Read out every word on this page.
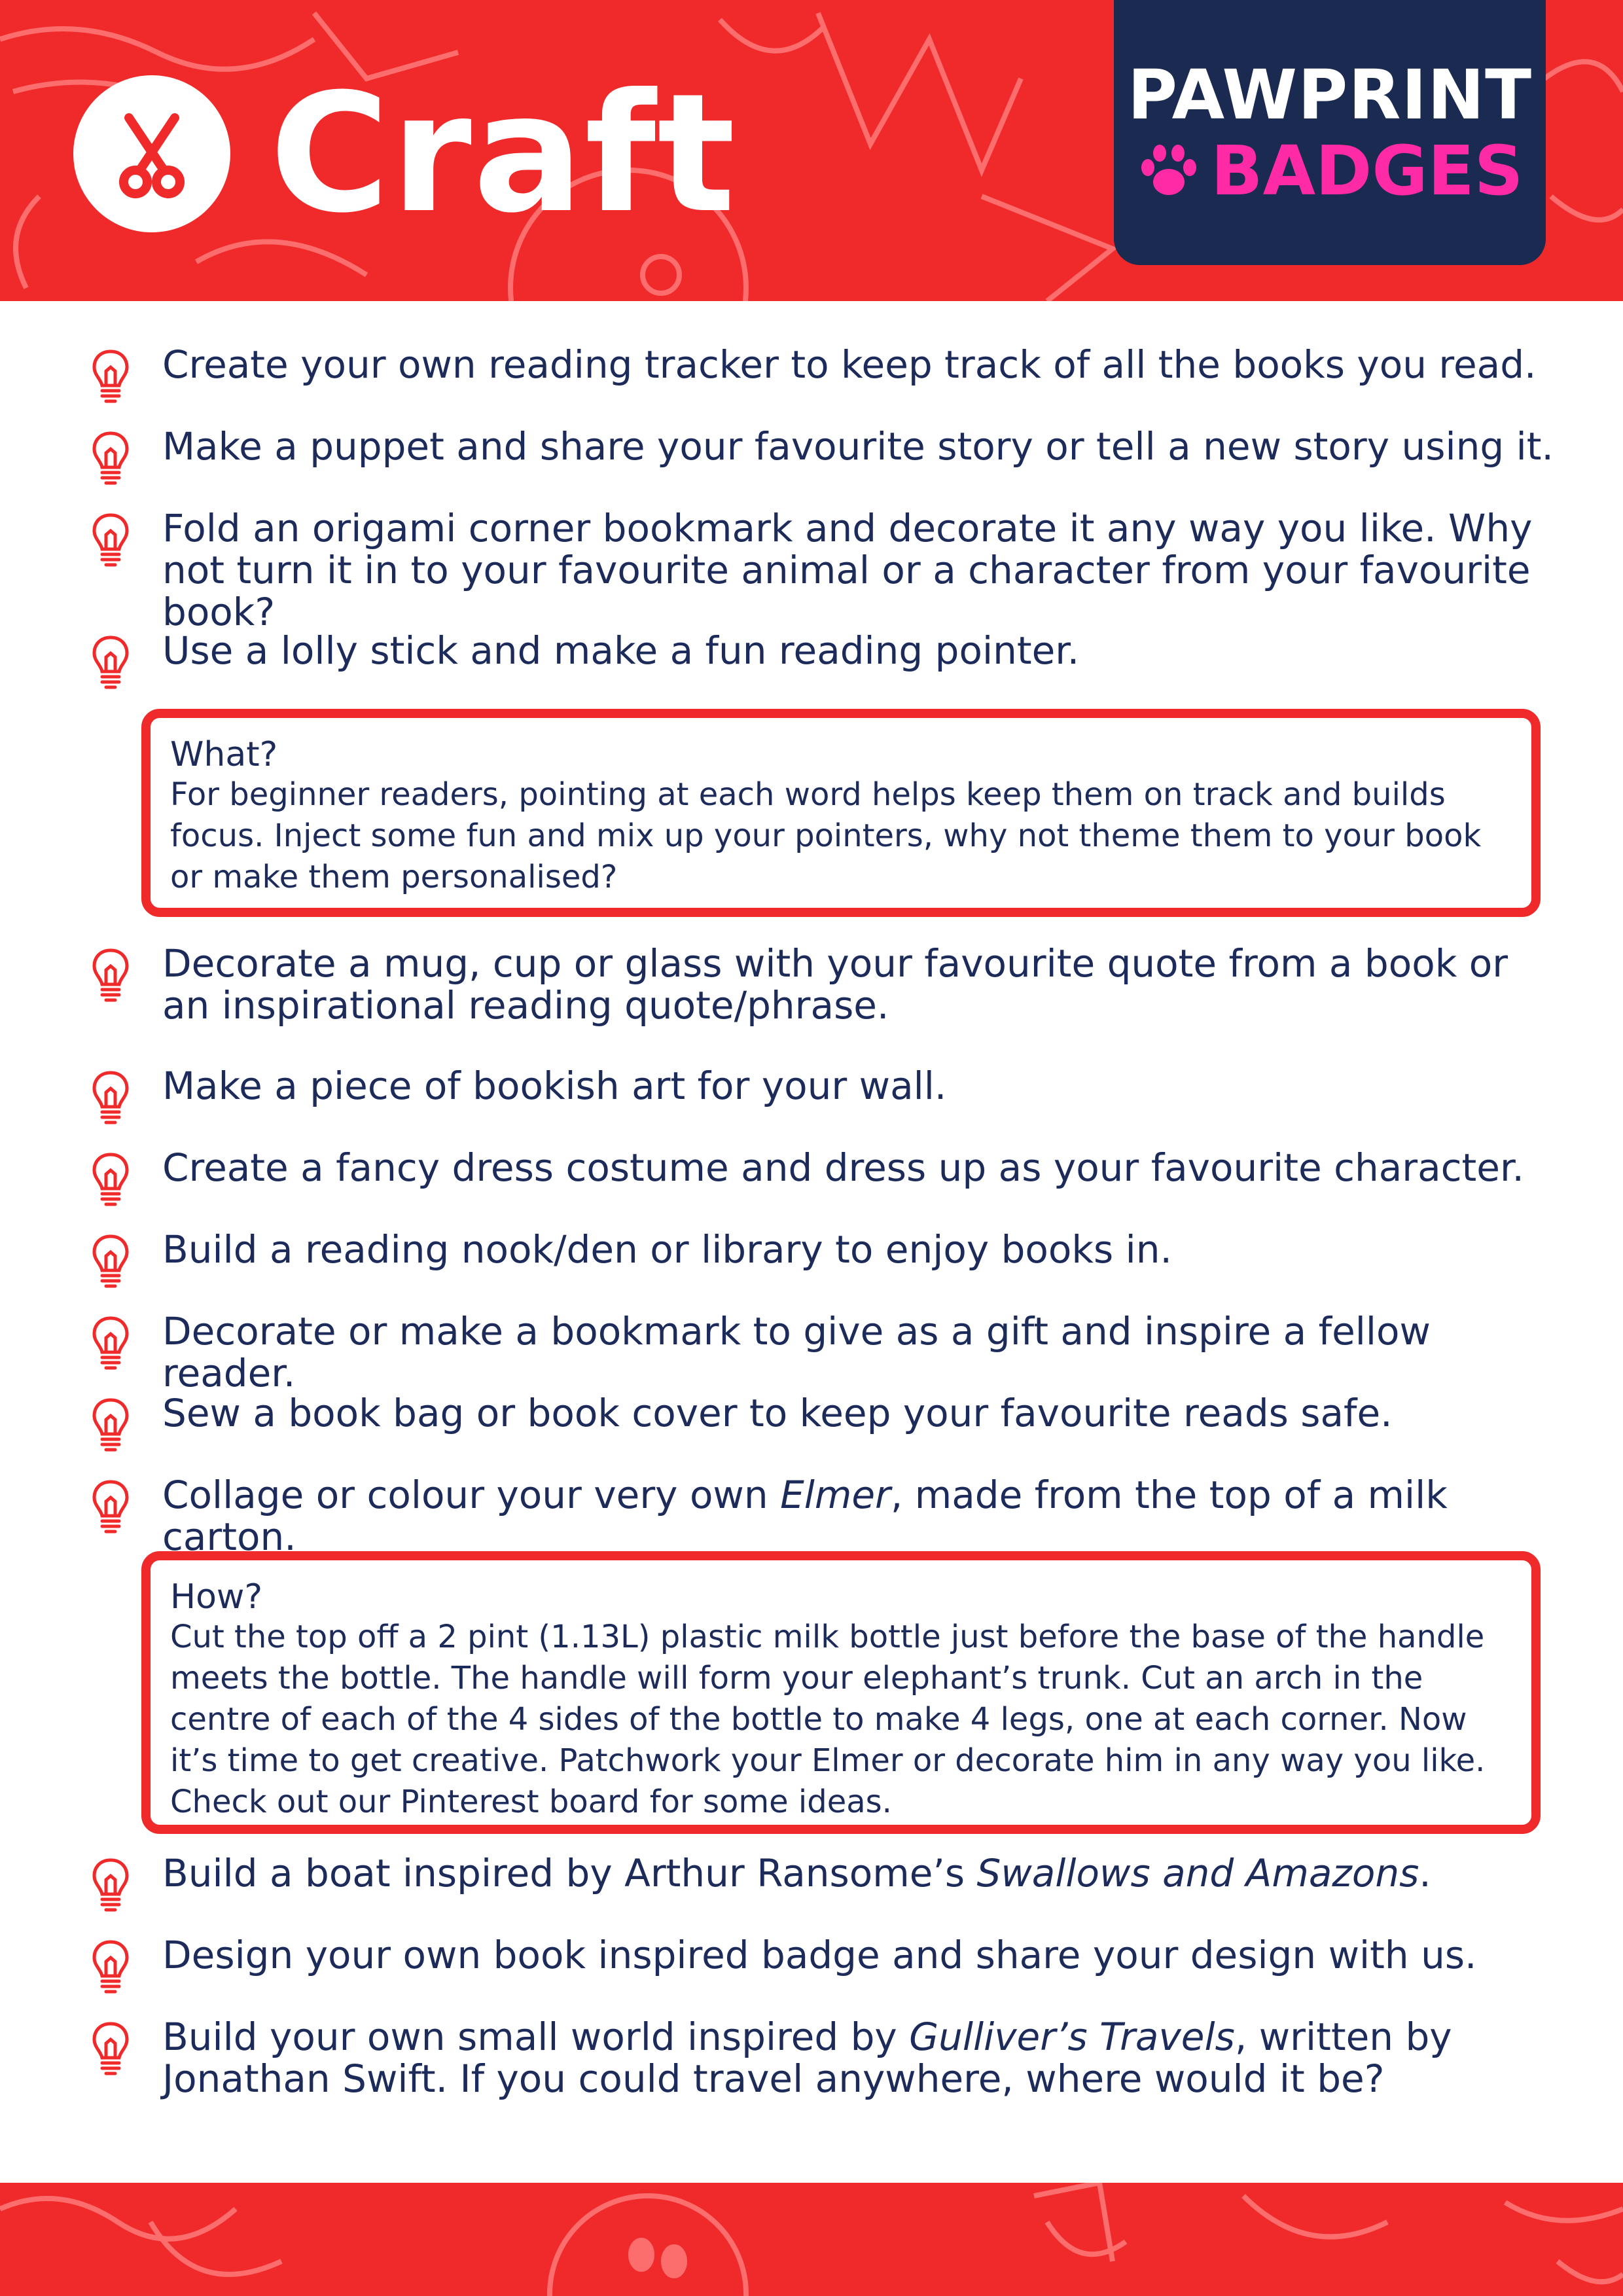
Craft	PAWPRINT
BADGES
Create your own reading tracker to keep track of all the books you read.
Make a puppet and share your favourite story or tell a new story using it.
Fold an origami corner bookmark and decorate it any way you like. Why not turn it in to your favourite animal or a character from your favourite book?
Use a lolly stick and make a fun reading pointer.
What?
For beginner readers, pointing at each word helps keep them on track and builds focus. Inject some fun and mix up your pointers, why not theme them to your book or make them personalised?
Decorate a mug, cup or glass with your favourite quote from a book or an inspirational reading quote/phrase.
Make a piece of bookish art for your wall.
Create a fancy dress costume and dress up as your favourite character.
Build a reading nook/den or library to enjoy books in.
Decorate or make a bookmark to give as a gift and inspire a fellow reader.
Sew a book bag or book cover to keep your favourite reads safe.
Collage or colour your very own Elmer, made from the top of a milk carton.
How?
Cut the top off a 2 pint (1.13L) plastic milk bottle just before the base of the handle meets the bottle. The handle will form your elephant’s trunk. Cut an arch in the centre of each of the 4 sides of the bottle to make 4 legs, one at each corner. Now it’s time to get creative. Patchwork your Elmer or decorate him in any way you like. Check out our Pinterest board for some ideas.
Build a boat inspired by Arthur Ransome’s Swallows and Amazons.
Design your own book inspired badge and share your design with us.
Build your own small world inspired by Gulliver’s Travels, written by Jonathan Swift. If you could travel anywhere, where would it be?
